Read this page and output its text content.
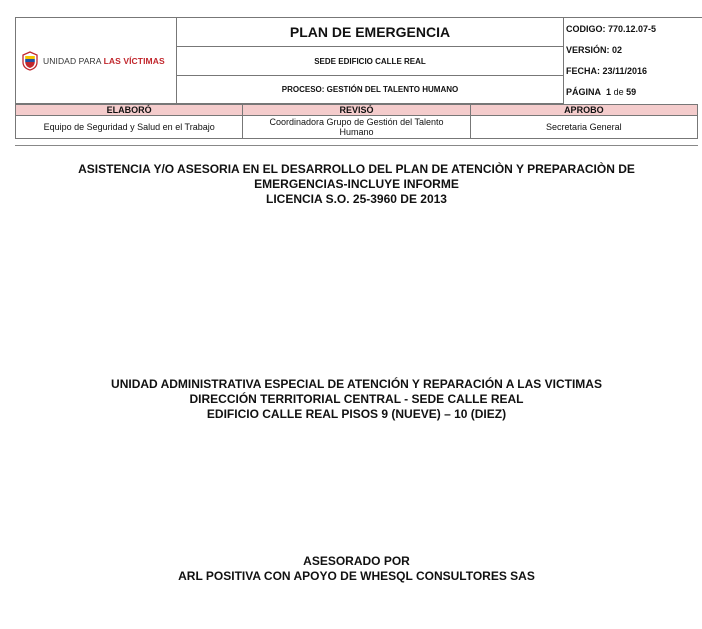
UNIDAD PARA LAS VÍCTIMAS
	PLAN DE EMERGENCIA	CODIGO: 770.12.07-5
VERSIÓN: 02
FECHA: 23/11/2016
PÁGINA 1 de 59

SEDE EDIFICIO CALLE REAL
PROCESO: GESTIÓN DEL TALENTO HUMANO
ELABORÓ	REVISÓ	APROBO
Equipo de Seguridad y Salud en el Trabajo	Coordinadora Grupo de Gestión del Talento Humano	Secretaria General

ASISTENCIA Y/O ASESORIA EN EL DESARROLLO DEL PLAN DE ATENCIÒN Y PREPARACIÒN DE

EMERGENCIAS-INCLUYE INFORME

LICENCIA S.O. 25-3960 DE 2013

UNIDAD ADMINISTRATIVA ESPECIAL DE ATENCIÓN Y REPARACIÓN A LAS VICTIMAS

DIRECCIÓN TERRITORIAL CENTRAL - SEDE CALLE REAL

EDIFICIO CALLE REAL PISOS 9 (NUEVE) – 10 (DIEZ)

ASESORADO POR

ARL POSITIVA CON APOYO DE WHESQL CONSULTORES SAS
